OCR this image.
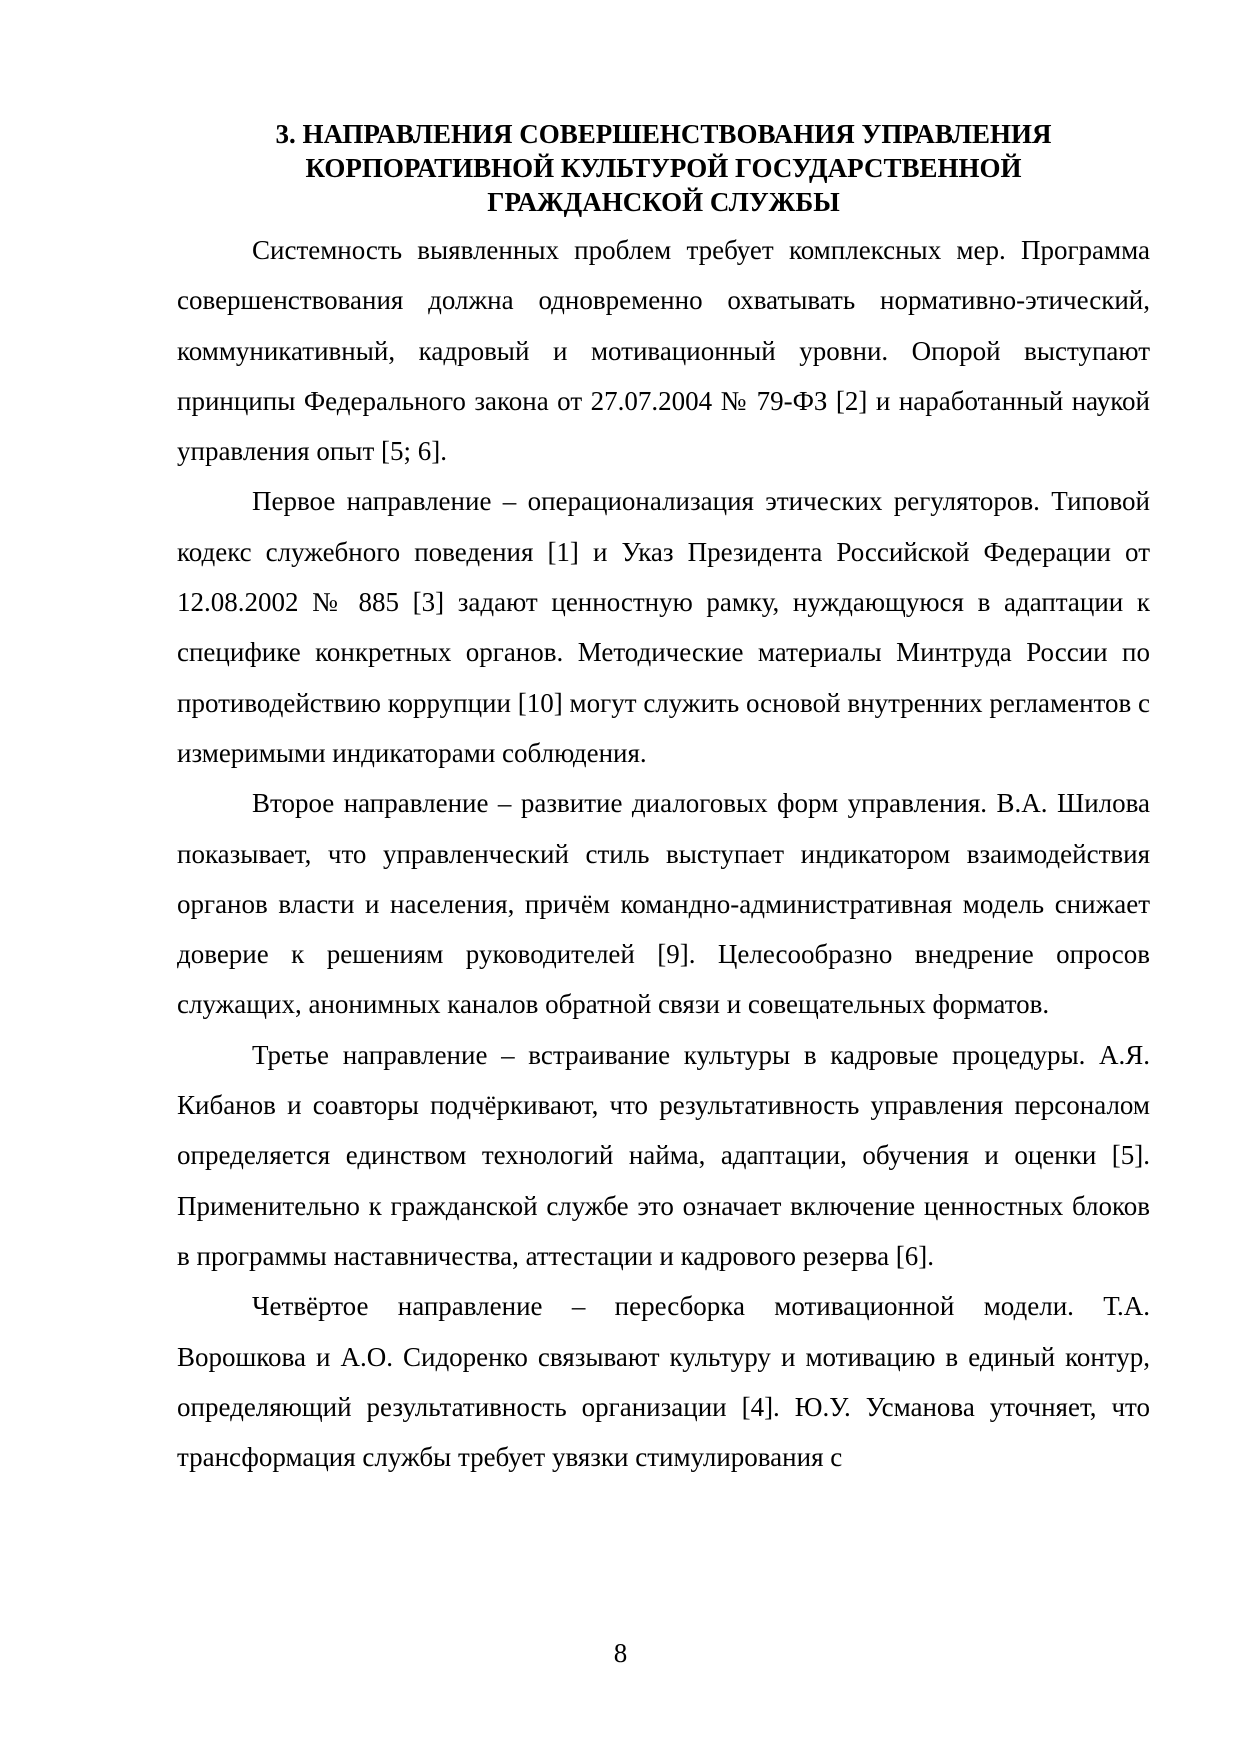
3. НАПРАВЛЕНИЯ СОВЕРШЕНСТВОВАНИЯ УПРАВЛЕНИЯ
КОРПОРАТИВНОЙ КУЛЬТУРОЙ ГОСУДАРСТВЕННОЙ
ГРАЖДАНСКОЙ СЛУЖБЫ

Системность выявленных проблем требует комплексных мер. Программа совершенствования должна одновременно охватывать нормативно-этический, коммуникативный, кадровый и мотивационный уровни. Опорой выступают принципы Федерального закона от 27.07.2004 № 79-ФЗ [2] и наработанный наукой управления опыт [5; 6].

Первое направление – операционализация этических регуляторов. Типовой кодекс служебного поведения [1] и Указ Президента Российской Федерации от 12.08.2002 № 885 [3] задают ценностную рамку, нуждающуюся в адаптации к специфике конкретных органов. Методические материалы Минтруда России по противодействию коррупции [10] могут служить основой внутренних регламентов с измеримыми индикаторами соблюдения.

Второе направление – развитие диалоговых форм управления. В.А. Шилова показывает, что управленческий стиль выступает индикатором взаимодействия органов власти и населения, причём командно-административная модель снижает доверие к решениям руководителей [9]. Целесообразно внедрение опросов служащих, анонимных каналов обратной связи и совещательных форматов.

Третье направление – встраивание культуры в кадровые процедуры. А.Я. Кибанов и соавторы подчёркивают, что результативность управления персоналом определяется единством технологий найма, адаптации, обучения и оценки [5]. Применительно к гражданской службе это означает включение ценностных блоков в программы наставничества, аттестации и кадрового резерва [6].

Четвёртое направление – пересборка мотивационной модели. Т.А. Ворошкова и А.О. Сидоренко связывают культуру и мотивацию в единый контур, определяющий результативность организации [4]. Ю.У. Усманова уточняет, что трансформация службы требует увязки стимулирования с

8
